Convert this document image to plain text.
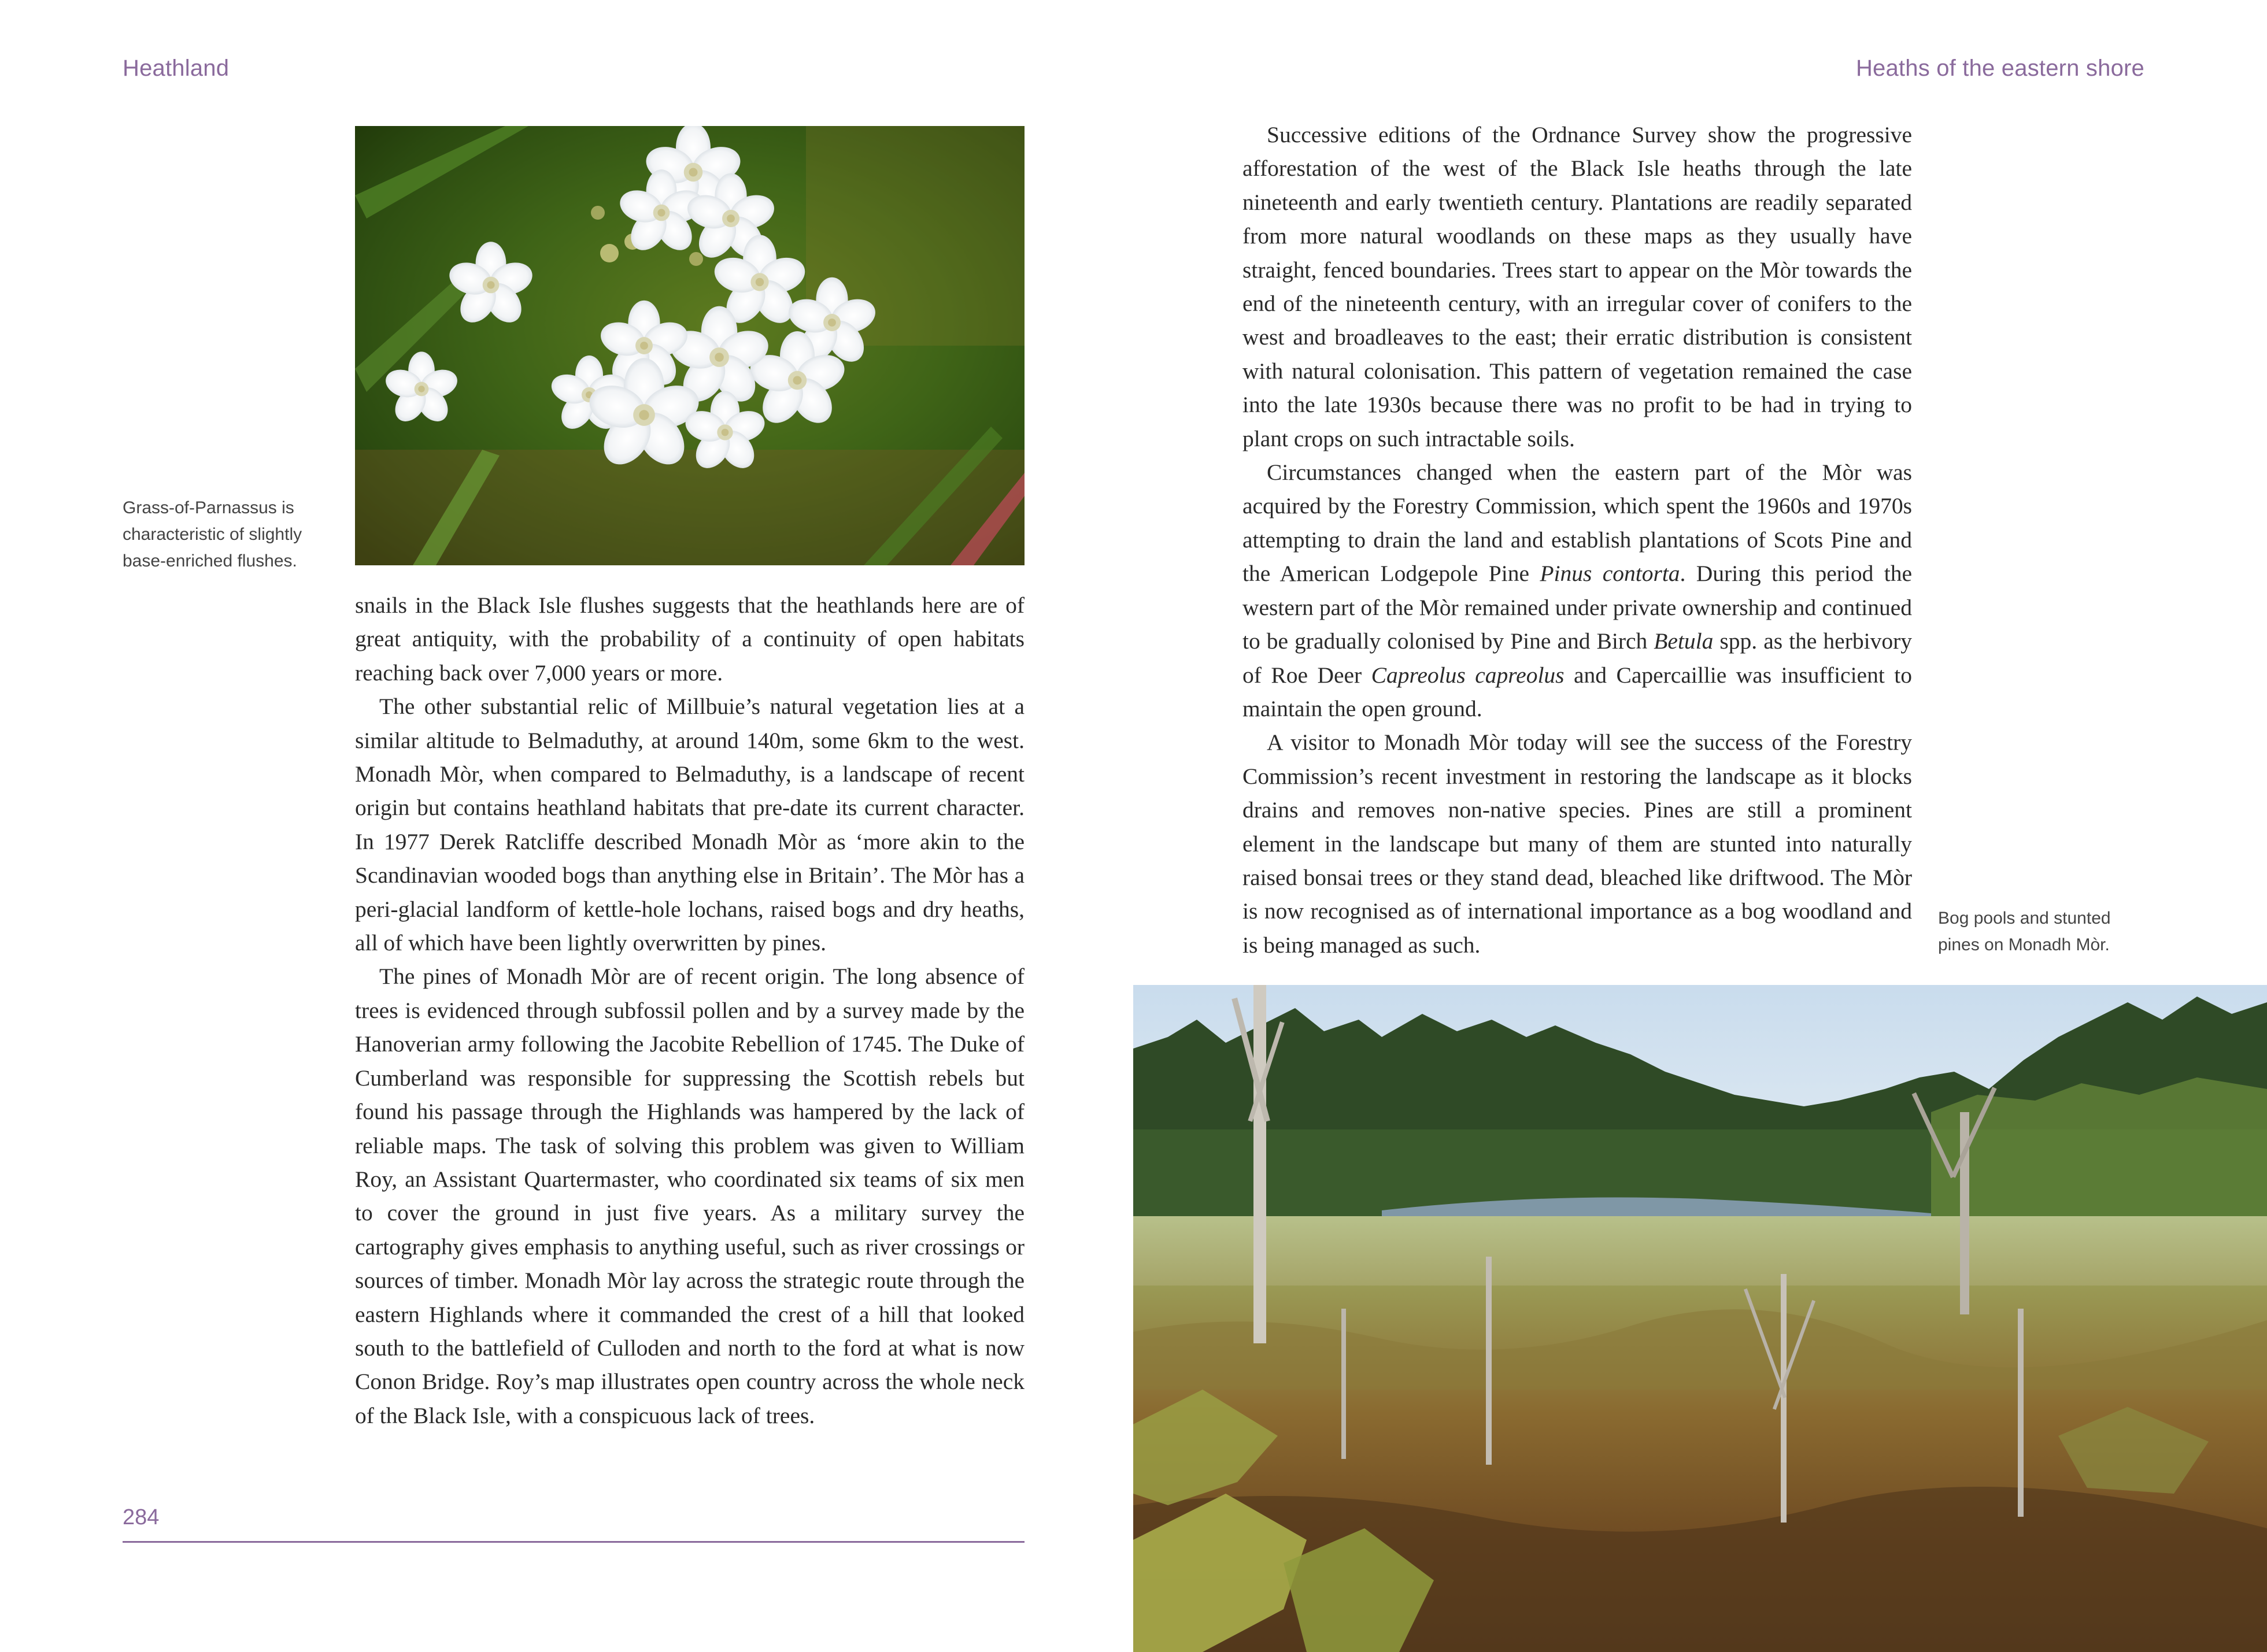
Heathland

Grass-of-Parnassus is characteristic of slightly base-enriched flushes.

snails in the Black Isle flushes suggests that the heathlands here are of great antiquity, with the probability of a continuity of open habitats reaching back over 7,000 years or more.

The other substantial relic of Millbuie’s natural vegetation lies at a similar altitude to Belmaduthy, at around 140m, some 6km to the west. Monadh Mòr, when compared to Belmaduthy, is a landscape of recent origin but contains heathland habitats that pre-date its current character. In 1977 Derek Ratcliffe described Monadh Mòr as ‘more akin to the Scandinavian wooded bogs than anything else in Britain’. The Mòr has a peri-glacial landform of kettle-hole lochans, raised bogs and dry heaths, all of which have been lightly overwritten by pines.

The pines of Monadh Mòr are of recent origin. The long absence of trees is evidenced through subfossil pollen and by a survey made by the Hanoverian army following the Jacobite Rebellion of 1745. The Duke of Cumberland was responsible for suppressing the Scottish rebels but found his passage through the Highlands was hampered by the lack of reliable maps. The task of solving this problem was given to William Roy, an Assistant Quartermaster, who coordinated six teams of six men to cover the ground in just five years. As a military survey the cartography gives emphasis to anything useful, such as river crossings or sources of timber. Monadh Mòr lay across the strategic route through the eastern Highlands where it commanded the crest of a hill that looked south to the battlefield of Culloden and north to the ford at what is now Conon Bridge. Roy’s map illustrates open country across the whole neck of the Black Isle, with a conspicuous lack of trees.

284
Heaths of the eastern shore

Successive editions of the Ordnance Survey show the progressive afforestation of the west of the Black Isle heaths through the late nineteenth and early twentieth century. Plantations are readily separated from more natural woodlands on these maps as they usually have straight, fenced boundaries. Trees start to appear on the Mòr towards the end of the nineteenth century, with an irregular cover of conifers to the west and broadleaves to the east; their erratic distribution is consistent with natural colonisation. This pattern of vegetation remained the case into the late 1930s because there was no profit to be had in trying to plant crops on such intractable soils.

Circumstances changed when the eastern part of the Mòr was acquired by the Forestry Commission, which spent the 1960s and 1970s attempting to drain the land and establish plantations of Scots Pine and the American Lodgepole Pine Pinus contorta. During this period the western part of the Mòr remained under private ownership and continued to be gradually colonised by Pine and Birch Betula spp. as the herbivory of Roe Deer Capreolus capreolus and Capercaillie was insufficient to maintain the open ground.

A visitor to Monadh Mòr today will see the success of the Forestry Commission’s recent investment in restoring the landscape as it blocks drains and removes non-native species. Pines are still a prominent element in the landscape but many of them are stunted into naturally raised bonsai trees or they stand dead, bleached like driftwood. The Mòr is now recognised as of international importance as a bog woodland and is being managed as such.

Bog pools and stunted pines on Monadh Mòr.
